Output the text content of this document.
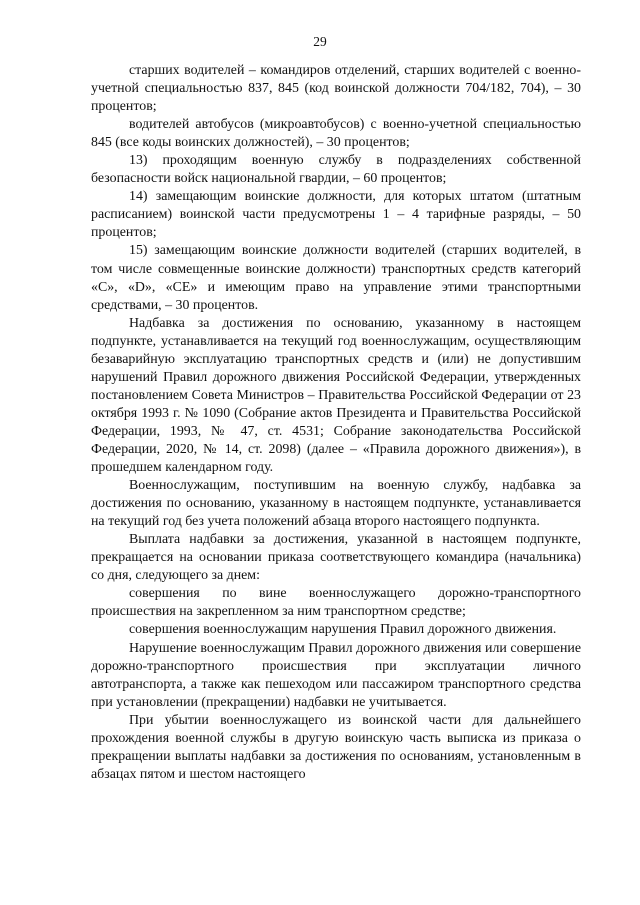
29

старших водителей – командиров отделений, старших водителей с военно-учетной специальностью 837, 845 (код воинской должности 704/182, 704), – 30 процентов;

водителей автобусов (микроавтобусов) с военно-учетной специальностью 845 (все коды воинских должностей), – 30 процентов;

13) проходящим военную службу в подразделениях собственной безопасности войск национальной гвардии, – 60 процентов;

14) замещающим воинские должности, для которых штатом (штатным расписанием) воинской части предусмотрены 1 – 4 тарифные разряды, – 50 процентов;

15) замещающим воинские должности водителей (старших водителей, в том числе совмещенные воинские должности) транспортных средств категорий «C», «D», «CE» и имеющим право на управление этими транспортными средствами, – 30 процентов.

Надбавка за достижения по основанию, указанному в настоящем подпункте, устанавливается на текущий год военнослужащим, осуществляющим безаварийную эксплуатацию транспортных средств и (или) не допустившим нарушений Правил дорожного движения Российской Федерации, утвержденных постановлением Совета Министров – Правительства Российской Федерации от 23 октября 1993 г. № 1090 (Собрание актов Президента и Правительства Российской Федерации, 1993, № 47, ст. 4531; Собрание законодательства Российской Федерации, 2020, № 14, ст. 2098) (далее – «Правила дорожного движения»), в прошедшем календарном году.

Военнослужащим, поступившим на военную службу, надбавка за достижения по основанию, указанному в настоящем подпункте, устанавливается на текущий год без учета положений абзаца второго настоящего подпункта.

Выплата надбавки за достижения, указанной в настоящем подпункте, прекращается на основании приказа соответствующего командира (начальника) со дня, следующего за днем:

совершения по вине военнослужащего дорожно-транспортного происшествия на закрепленном за ним транспортном средстве;

совершения военнослужащим нарушения Правил дорожного движения.

Нарушение военнослужащим Правил дорожного движения или совершение дорожно-транспортного происшествия при эксплуатации личного автотранспорта, а также как пешеходом или пассажиром транспортного средства при установлении (прекращении) надбавки не учитывается.

При убытии военнослужащего из воинской части для дальнейшего прохождения военной службы в другую воинскую часть выписка из приказа о прекращении выплаты надбавки за достижения по основаниям, установленным в абзацах пятом и шестом настоящего
